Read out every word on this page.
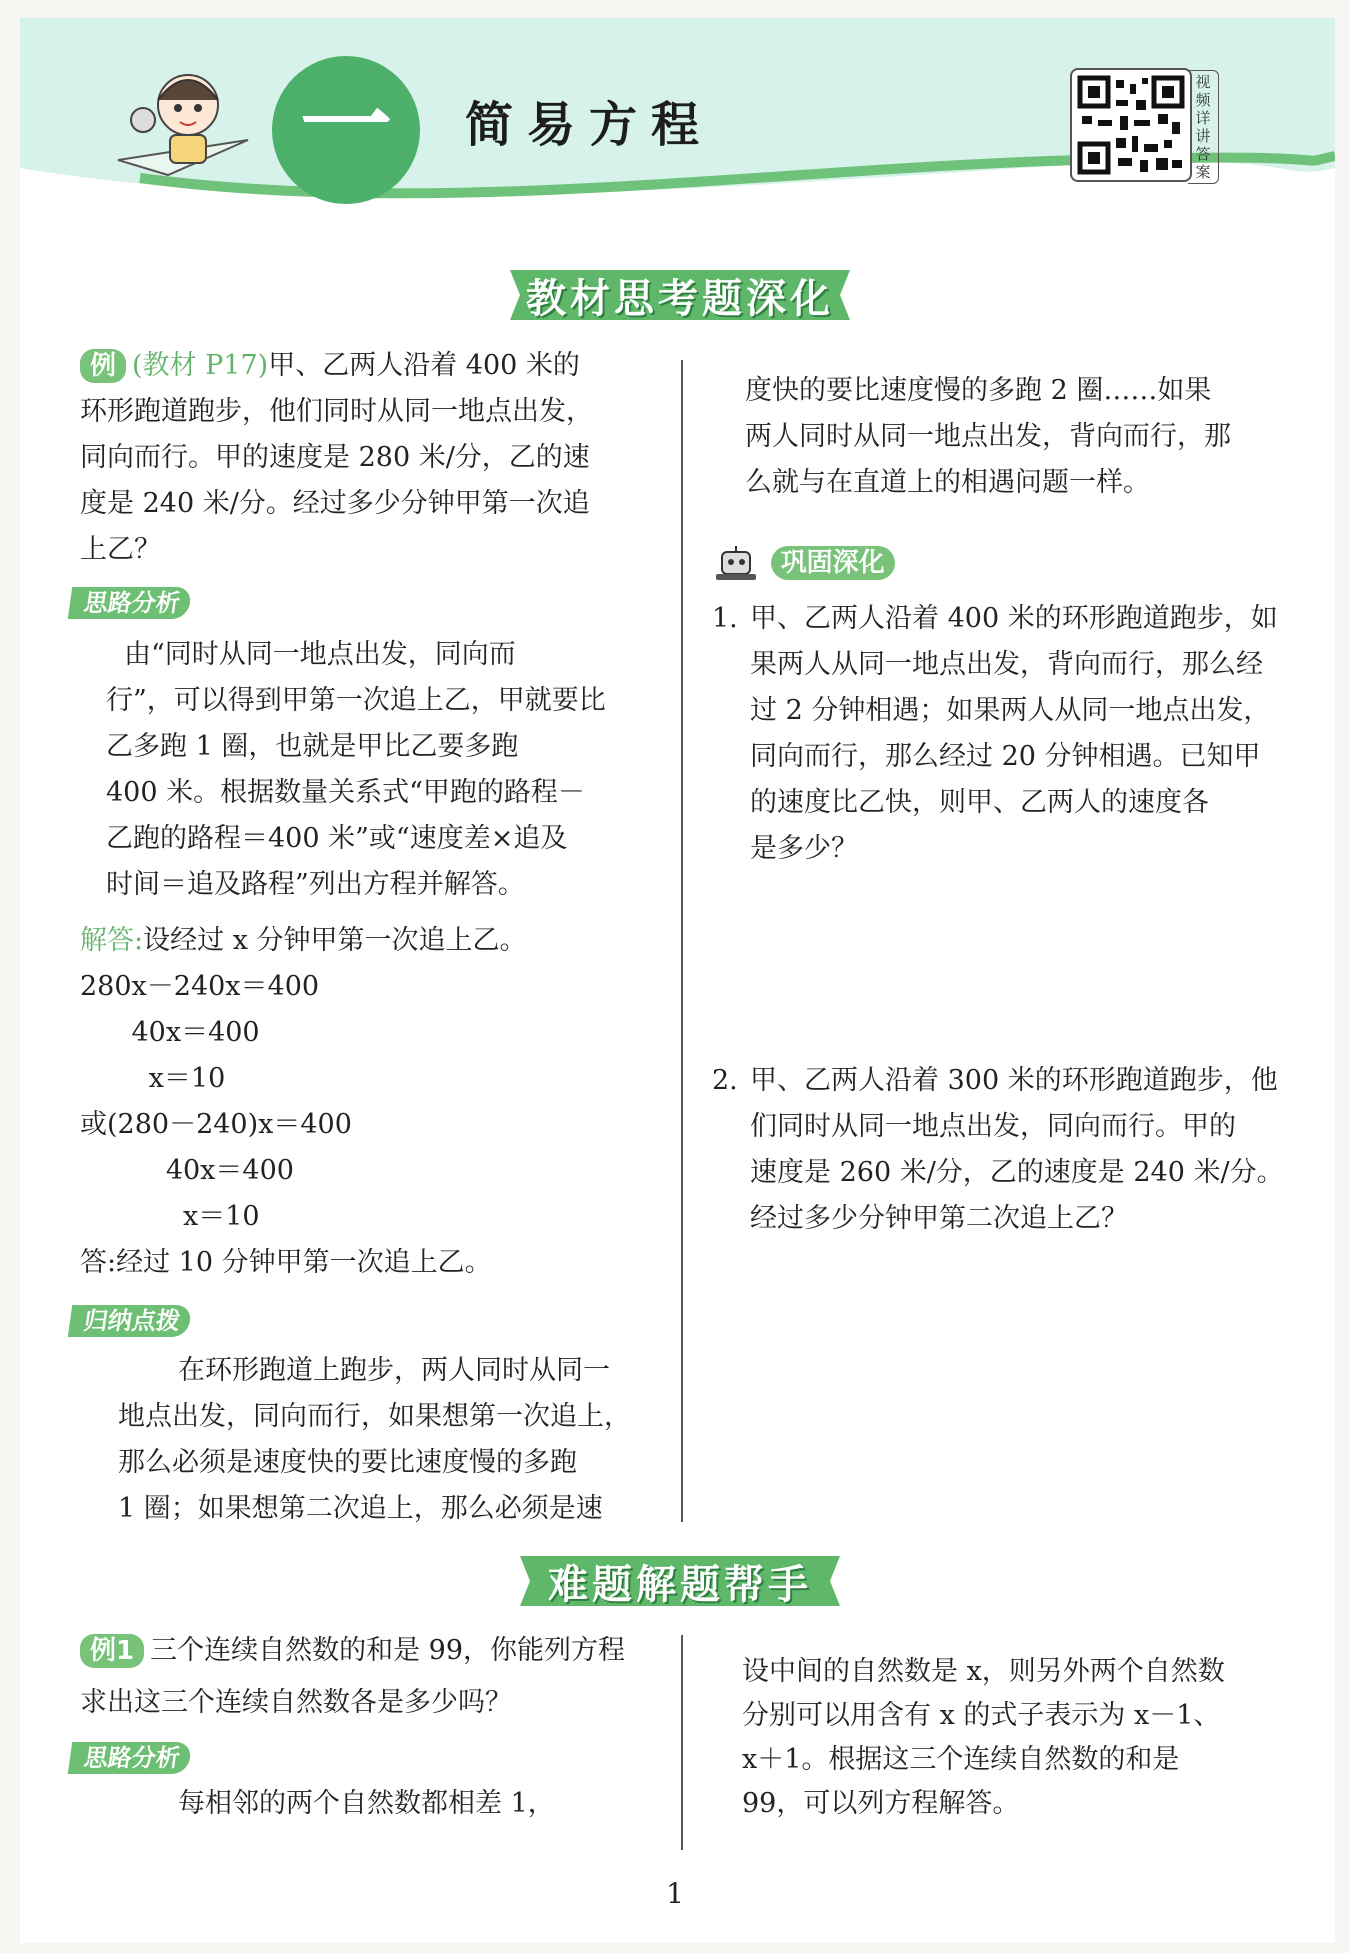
一 简易方程
视频详讲答案
教材思考题深化
例 (教材 P17)甲、乙两人沿着 400 米的
环形跑道跑步，他们同时从同一地点出发，
同向而行。甲的速度是 280 米/分，乙的速
度是 240 米/分。经过多少分钟甲第一次追
上乙？
思路分析
由“同时从同一地点出发，同向而
行”，可以得到甲第一次追上乙，甲就要比
乙多跑 1 圈，也就是甲比乙要多跑
400 米。根据数量关系式“甲跑的路程－
乙跑的路程＝400 米”或“速度差×追及
时间＝追及路程”列出方程并解答。
解答:设经过 x 分钟甲第一次追上乙。
280x－240x＝400
40x＝400
x＝10
或(280－240)x＝400
40x＝400
x＝10
答:经过 10 分钟甲第一次追上乙。
归纳点拨
在环形跑道上跑步，两人同时从同一
地点出发，同向而行，如果想第一次追上，
那么必须是速度快的要比速度慢的多跑
1 圈；如果想第二次追上，那么必须是速
度快的要比速度慢的多跑 2 圈……如果
两人同时从同一地点出发，背向而行，那
么就与在直道上的相遇问题一样。
巩固深化
1. 甲、乙两人沿着 400 米的环形跑道跑步，如
果两人从同一地点出发，背向而行，那么经
过 2 分钟相遇；如果两人从同一地点出发，
同向而行，那么经过 20 分钟相遇。已知甲
的速度比乙快，则甲、乙两人的速度各
是多少？
2. 甲、乙两人沿着 300 米的环形跑道跑步，他
们同时从同一地点出发，同向而行。甲的
速度是 260 米/分，乙的速度是 240 米/分。
经过多少分钟甲第二次追上乙？
难题解题帮手
例1 三个连续自然数的和是 99，你能列方程
求出这三个连续自然数各是多少吗？
思路分析
每相邻的两个自然数都相差 1，
设中间的自然数是 x，则另外两个自然数
分别可以用含有 x 的式子表示为 x－1、
x＋1。根据这三个连续自然数的和是
99，可以列方程解答。
1
